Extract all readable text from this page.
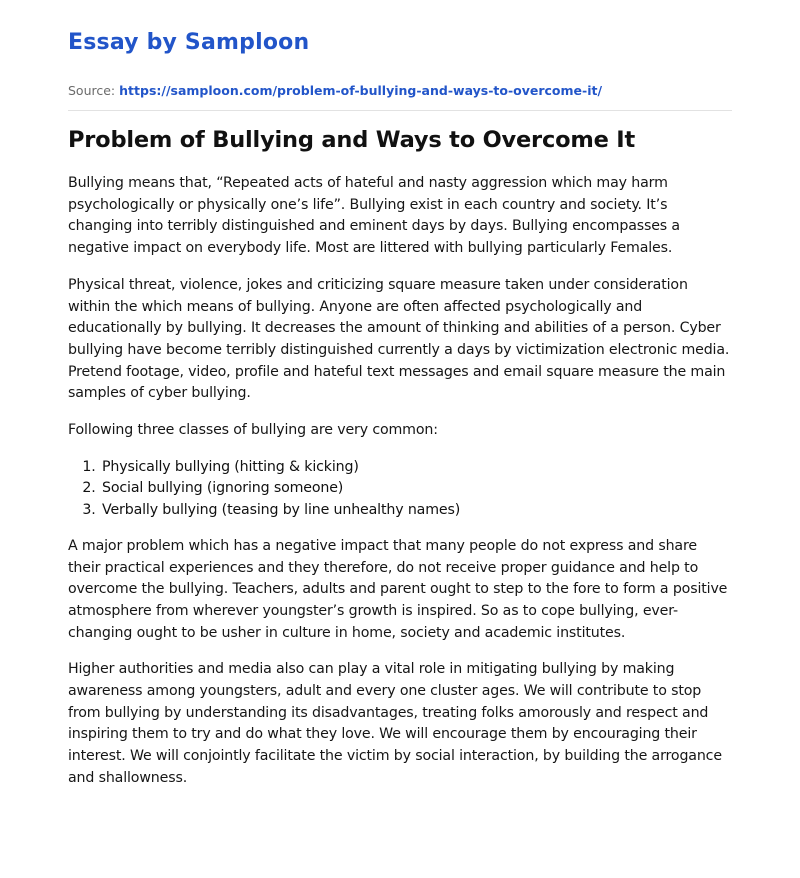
Essay by Samploon
Source: https://samploon.com/problem-of-bullying-and-ways-to-overcome-it/
Problem of Bullying and Ways to Overcome It

Bullying means that, “Repeated acts of hateful and nasty aggression which may harm psychologically or physically one’s life”. Bullying exist in each country and society. It’s changing into terribly distinguished and eminent days by days. Bullying encompasses a negative impact on everybody life. Most are littered with bullying particularly Females.

Physical threat, violence, jokes and criticizing square measure taken under consideration within the which means of bullying. Anyone are often affected psychologically and educationally by bullying. It decreases the amount of thinking and abilities of a person. Cyber bullying have become terribly distinguished currently a days by victimization electronic media. Pretend footage, video, profile and hateful text messages and email square measure the main samples of cyber bullying.

Following three classes of bullying are very common:

1. Physically bullying (hitting & kicking)
2. Social bullying (ignoring someone)
3. Verbally bullying (teasing by line unhealthy names)

A major problem which has a negative impact that many people do not express and share their practical experiences and they therefore, do not receive proper guidance and help to overcome the bullying. Teachers, adults and parent ought to step to the fore to form a positive atmosphere from wherever youngster’s growth is inspired. So as to cope bullying, ever-changing ought to be usher in culture in home, society and academic institutes.

Higher authorities and media also can play a vital role in mitigating bullying by making awareness among youngsters, adult and every one cluster ages. We will contribute to stop from bullying by understanding its disadvantages, treating folks amorously and respect and inspiring them to try and do what they love. We will encourage them by encouraging their interest. We will conjointly facilitate the victim by social interaction, by building the arrogance and shallowness.
